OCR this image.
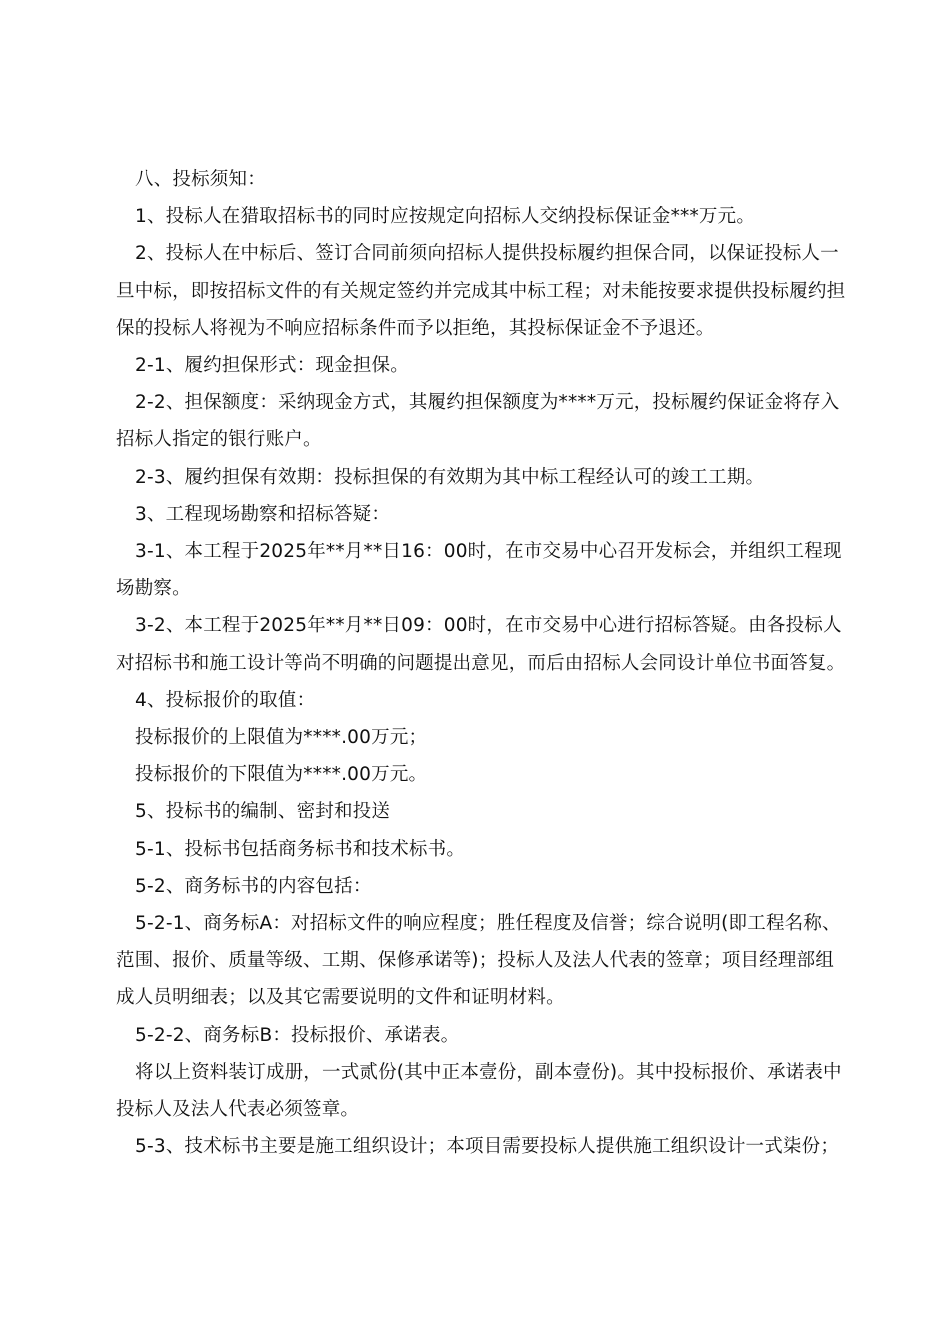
八、投标须知：

1、投标人在猎取招标书的同时应按规定向招标人交纳投标保证金***万元。

2、投标人在中标后、签订合同前须向招标人提供投标履约担保合同，以保证投标人一旦中标，即按招标文件的有关规定签约并完成其中标工程；对未能按要求提供投标履约担保的投标人将视为不响应招标条件而予以拒绝，其投标保证金不予退还。

2-1、履约担保形式：现金担保。

2-2、担保额度：采纳现金方式，其履约担保额度为****万元，投标履约保证金将存入招标人指定的银行账户。

2-3、履约担保有效期：投标担保的有效期为其中标工程经认可的竣工工期。

3、工程现场勘察和招标答疑：

3-1、本工程于2025年**月**日16：00时，在市交易中心召开发标会，并组织工程现场勘察。

3-2、本工程于2025年**月**日09：00时，在市交易中心进行招标答疑。由各投标人对招标书和施工设计等尚不明确的问题提出意见，而后由招标人会同设计单位书面答复。

4、投标报价的取值：

投标报价的上限值为****.00万元；

投标报价的下限值为****.00万元。

5、投标书的编制、密封和投送

5-1、投标书包括商务标书和技术标书。

5-2、商务标书的内容包括：

5-2-1、商务标A：对招标文件的响应程度；胜任程度及信誉；综合说明(即工程名称、范围、报价、质量等级、工期、保修承诺等)；投标人及法人代表的签章；项目经理部组成人员明细表；以及其它需要说明的文件和证明材料。

5-2-2、商务标B：投标报价、承诺表。

将以上资料装订成册，一式贰份(其中正本壹份，副本壹份)。其中投标报价、承诺表中投标人及法人代表必须签章。

5-3、技术标书主要是施工组织设计；本项目需要投标人提供施工组织设计一式柒份；
